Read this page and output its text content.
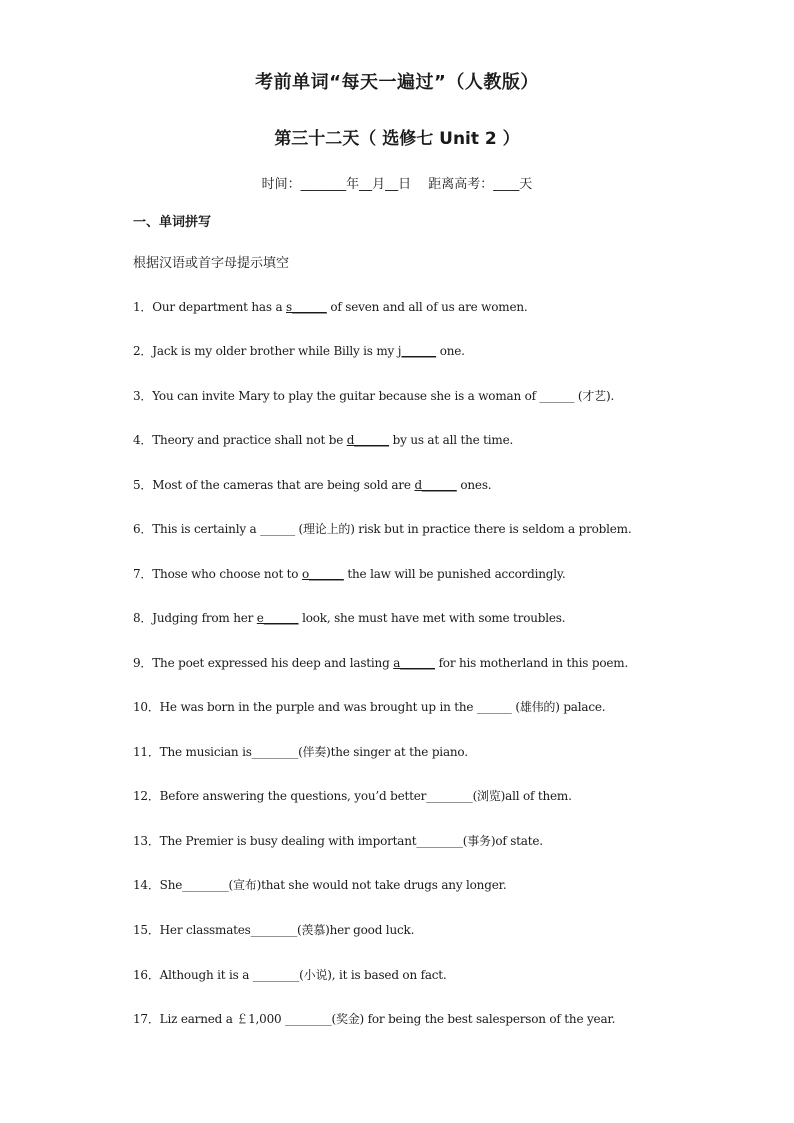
考前单词“每天一遍过”（人教版）
第三十二天（ 选修七 Unit 2 ）
时间：_______年__月__日　 距离高考：____天
一、单词拼写
根据汉语或首字母提示填空
1．Our department has a s______ of seven and all of us are women.
2．Jack is my older brother while Billy is my j______ one.
3．You can invite Mary to play the guitar because she is a woman of ______ (才艺).
4．Theory and practice shall not be d______ by us at all the time.
5．Most of the cameras that are being sold are d______ ones.
6．This is certainly a ______ (理论上的) risk but in practice there is seldom a problem.
7．Those who choose not to o______ the law will be punished accordingly.
8．Judging from her e______ look, she must have met with some troubles.
9．The poet expressed his deep and lasting a______ for his motherland in this poem.
10．He was born in the purple and was brought up in the ______ (雄伟的) palace.
11．The musician is________(伴奏)the singer at the piano.
12．Before answering the questions, you’d better________(浏览)all of them.
13．The Premier is busy dealing with important________(事务)of state.
14．She________(宣布)that she would not take drugs any longer.
15．Her classmates________(羡慕)her good luck.
16．Although it is a ________(小说), it is based on fact.
17．Liz earned a ￡1,000 ________(奖金) for being the best salesperson of the year.
